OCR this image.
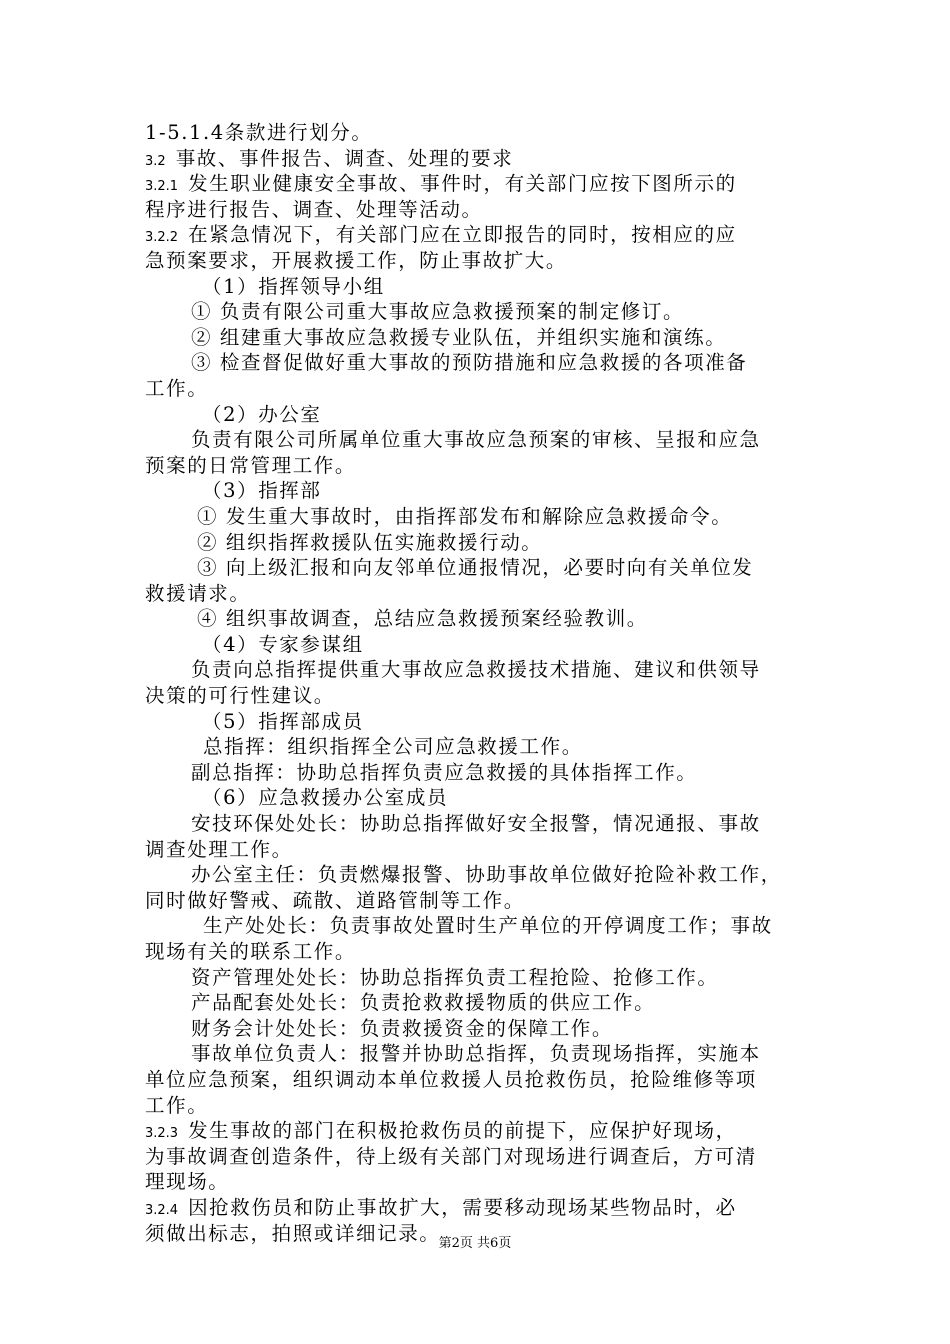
1-5.1.4条款进行划分。
3.2 事故、事件报告、调查、处理的要求
3.2.1 发生职业健康安全事故、事件时，有关部门应按下图所示的
程序进行报告、调查、处理等活动。
3.2.2 在紧急情况下，有关部门应在立即报告的同时，按相应的应
急预案要求，开展救援工作，防止事故扩大。
（1）指挥领导小组
① 负责有限公司重大事故应急救援预案的制定修订。
② 组建重大事故应急救援专业队伍，并组织实施和演练。
③ 检查督促做好重大事故的预防措施和应急救援的各项准备
工作。
（2）办公室
负责有限公司所属单位重大事故应急预案的审核、呈报和应急
预案的日常管理工作。
（3）指挥部
① 发生重大事故时，由指挥部发布和解除应急救援命令。
② 组织指挥救援队伍实施救援行动。
③ 向上级汇报和向友邻单位通报情况，必要时向有关单位发
救援请求。
④ 组织事故调查，总结应急救援预案经验教训。
（4）专家参谋组
负责向总指挥提供重大事故应急救援技术措施、建议和供领导
决策的可行性建议。
（5）指挥部成员
总指挥：组织指挥全公司应急救援工作。
副总指挥：协助总指挥负责应急救援的具体指挥工作。
（6）应急救援办公室成员
安技环保处处长：协助总指挥做好安全报警，情况通报、事故
调查处理工作。
办公室主任：负责燃爆报警、协助事故单位做好抢险补救工作，
同时做好警戒、疏散、道路管制等工作。
生产处处长：负责事故处置时生产单位的开停调度工作；事故
现场有关的联系工作。
资产管理处处长：协助总指挥负责工程抢险、抢修工作。
产品配套处处长：负责抢救救援物质的供应工作。
财务会计处处长：负责救援资金的保障工作。
事故单位负责人：报警并协助总指挥，负责现场指挥，实施本
单位应急预案，组织调动本单位救援人员抢救伤员，抢险维修等项
工作。
3.2.3 发生事故的部门在积极抢救伤员的前提下，应保护好现场，
为事故调查创造条件，待上级有关部门对现场进行调查后，方可清
理现场。
3.2.4 因抢救伤员和防止事故扩大，需要移动现场某些物品时，必
须做出标志，拍照或详细记录。
第2页 共6页
